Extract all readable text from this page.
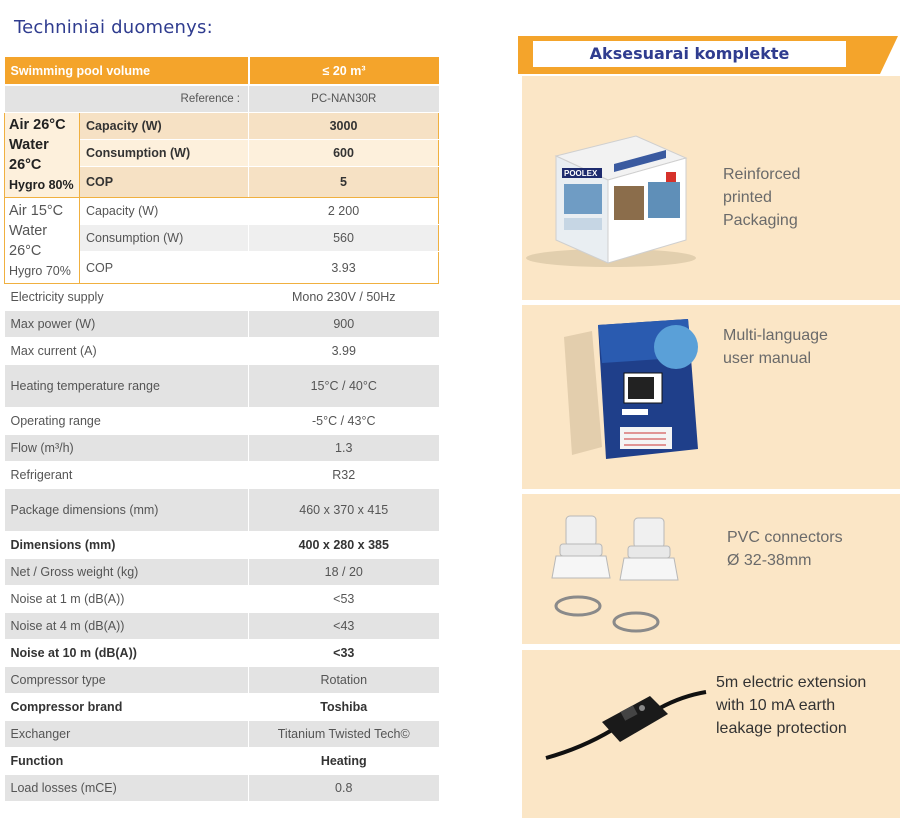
Techniniai duomenys:
Swimming pool volume		≤ 20 m³
Reference :		PC-NAN30R

Air 26°C
Water 26°C
Hygro 80%	Capacity (W)	3000
	Consumption (W)	600
	COP	5

Air 15°C
Water 26°C
Hygro 70%	Capacity (W)	2 200
	Consumption (W)	560
	COP	3.93
Electricity supply		Mono 230V / 50Hz
Max power (W)		900
Max current (A)		3.99
Heating temperature range		15°C / 40°C
Operating range		-5°C / 43°C
Flow (m³/h)		1.3
Refrigerant		R32
Package dimensions (mm)		460 x 370 x 415
Dimensions (mm)		400 x 280 x 385
Net / Gross weight (kg)		18 / 20
Noise at 1 m (dB(A))		<53
Noise at 4 m (dB(A))		<43
Noise at 10 m (dB(A))		<33
Compressor type		Rotation
Compressor brand		Toshiba
Exchanger		Titanium Twisted Tech©
Function		Heating
Load losses (mCE)		0.8
Aksesuarai komplekte
POOLEX	Reinforced
printed
Packaging
Multi-language
user manual
PVC connectors
Ø 32-38mm
5m electric extension
with 10 mA earth
leakage protection
